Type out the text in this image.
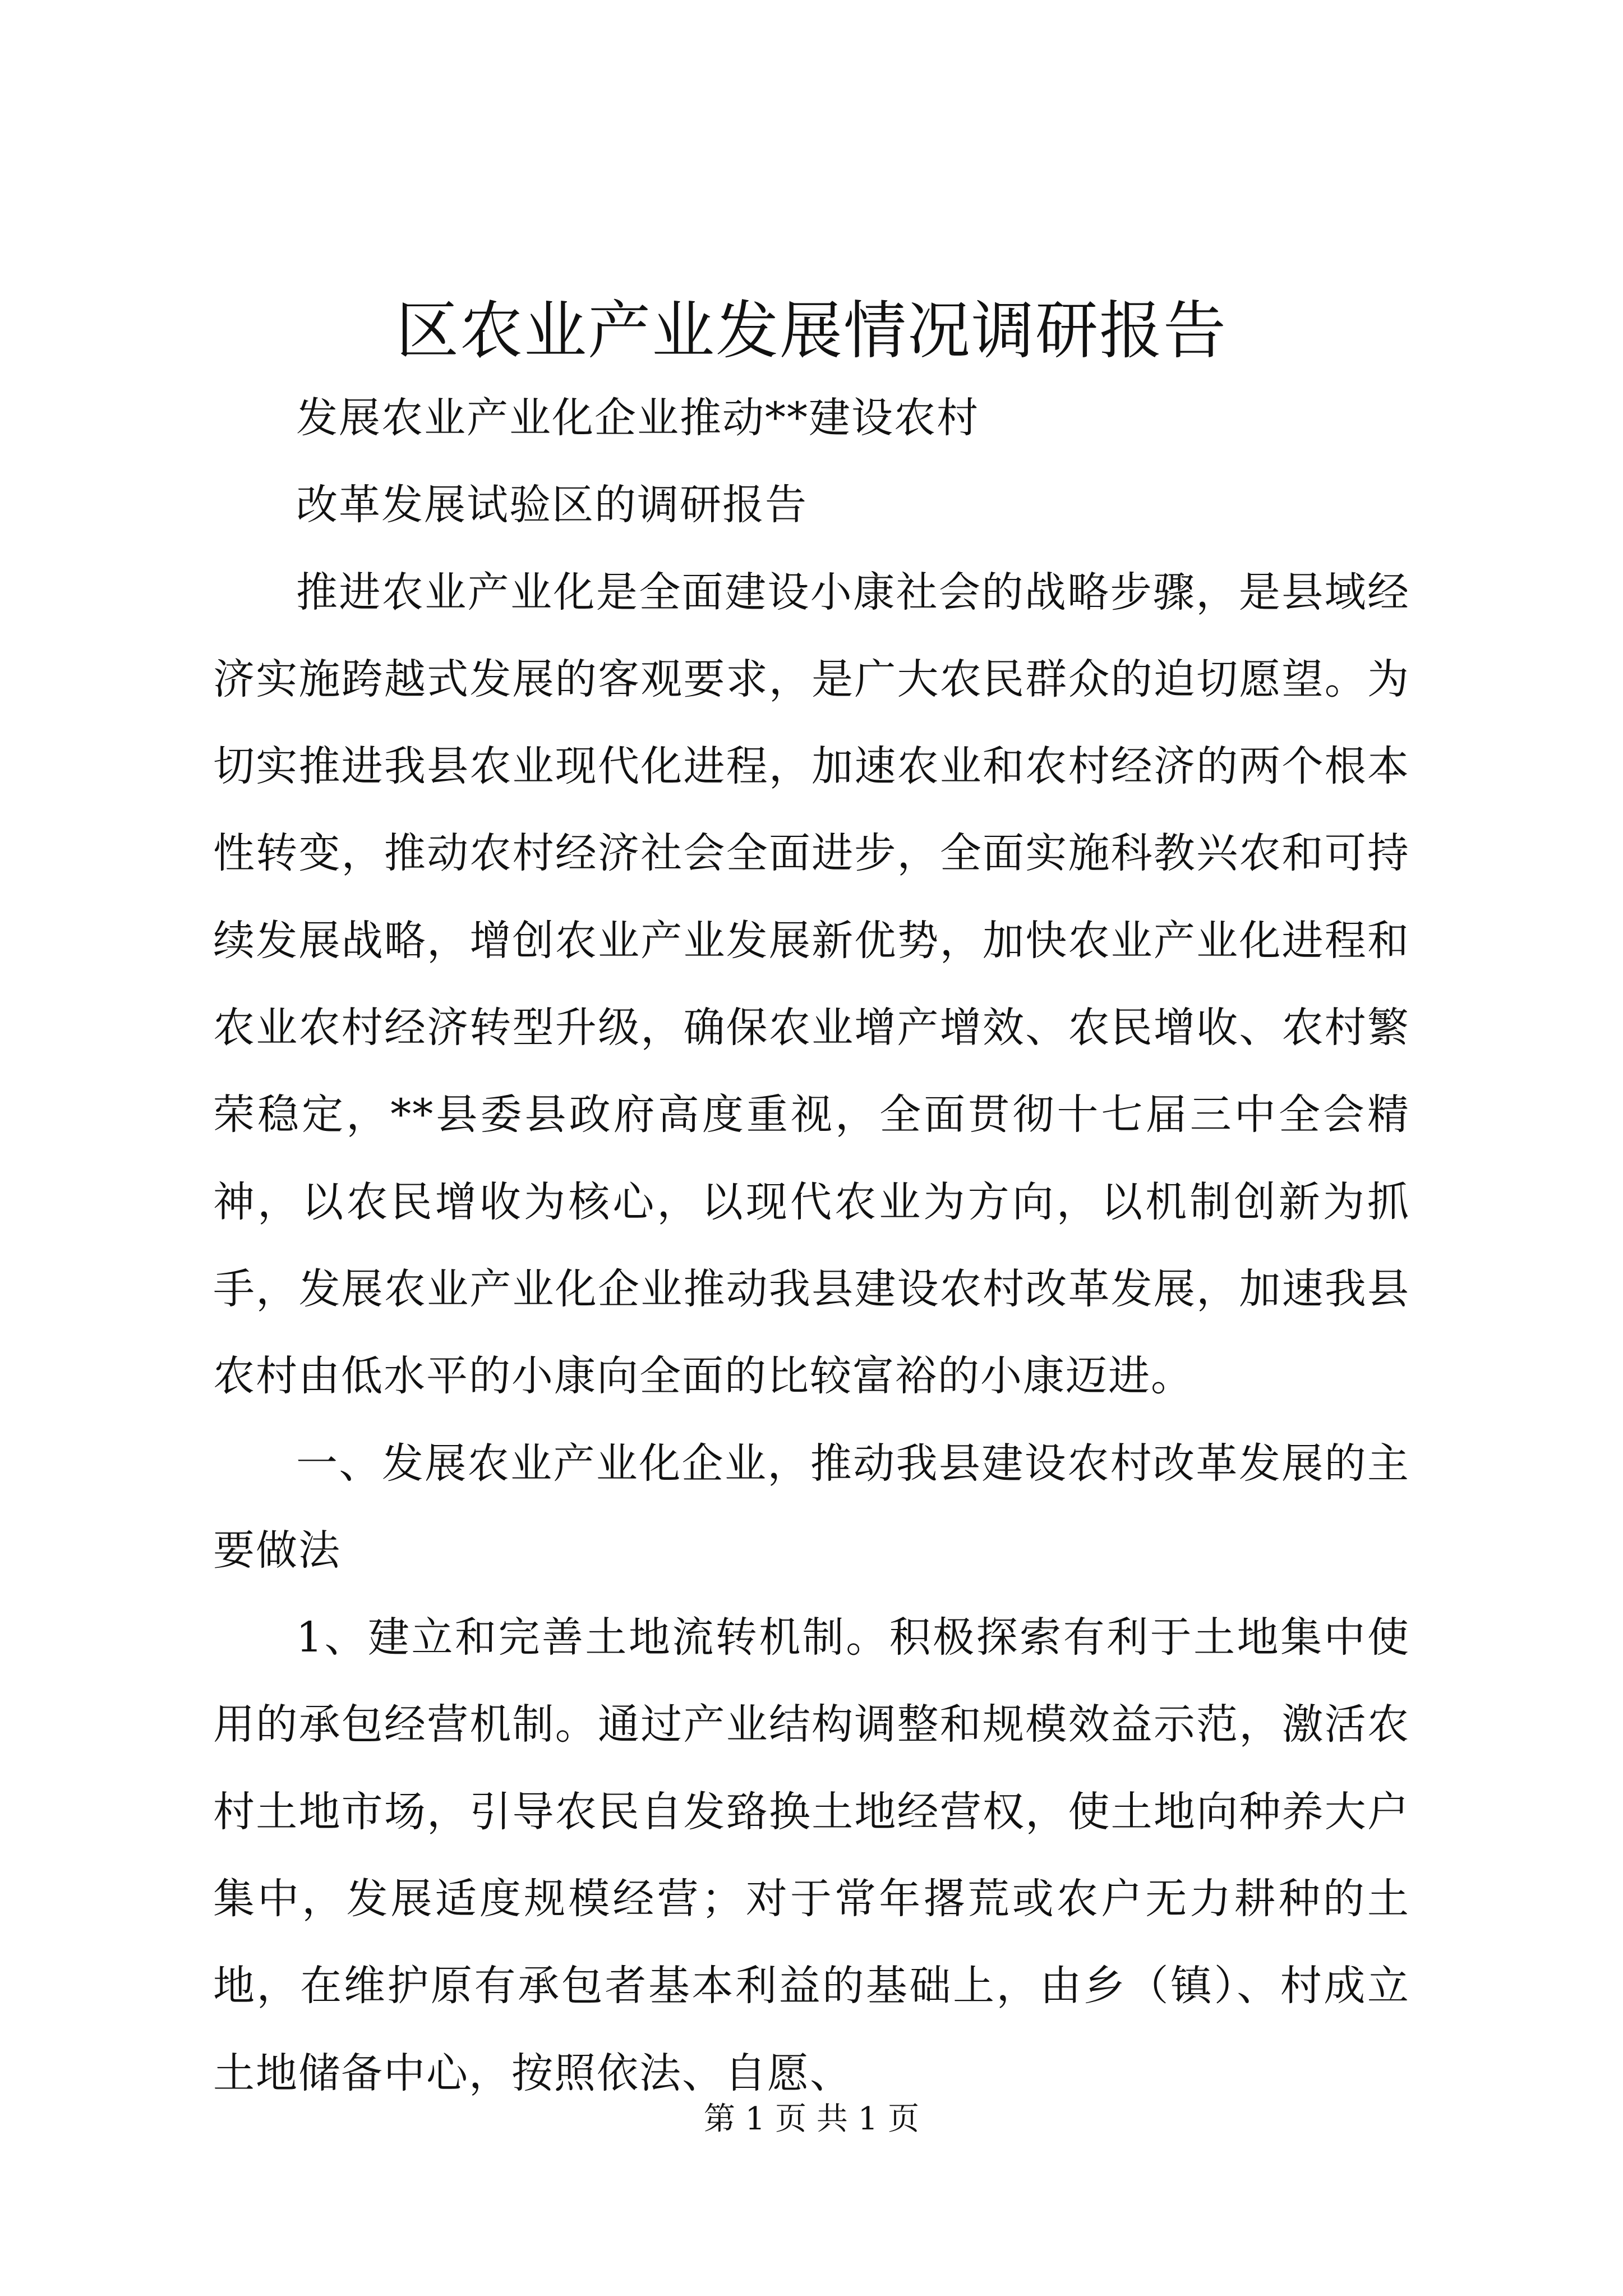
区农业产业发展情况调研报告

发展农业产业化企业推动**建设农村

改革发展试验区的调研报告

推进农业产业化是全面建设小康社会的战略步骤，是县域经济实施跨越式发展的客观要求，是广大农民群众的迫切愿望。为切实推进我县农业现代化进程，加速农业和农村经济的两个根本性转变，推动农村经济社会全面进步，全面实施科教兴农和可持续发展战略，增创农业产业发展新优势，加快农业产业化进程和农业农村经济转型升级，确保农业增产增效、农民增收、农村繁荣稳定，**县委县政府高度重视，全面贯彻十七届三中全会精神，以农民增收为核心，以现代农业为方向，以机制创新为抓手，发展农业产业化企业推动我县建设农村改革发展，加速我县农村由低水平的小康向全面的比较富裕的小康迈进。

一、发展农业产业化企业，推动我县建设农村改革发展的主要做法

1、建立和完善土地流转机制。积极探索有利于土地集中使用的承包经营机制。通过产业结构调整和规模效益示范，激活农村土地市场，引导农民自发臵换土地经营权，使土地向种养大户集中，发展适度规模经营；对于常年撂荒或农户无力耕种的土地，在维护原有承包者基本利益的基础上，由乡（镇）、村成立土地储备中心，按照依法、自愿、

第 1 页 共 1 页
